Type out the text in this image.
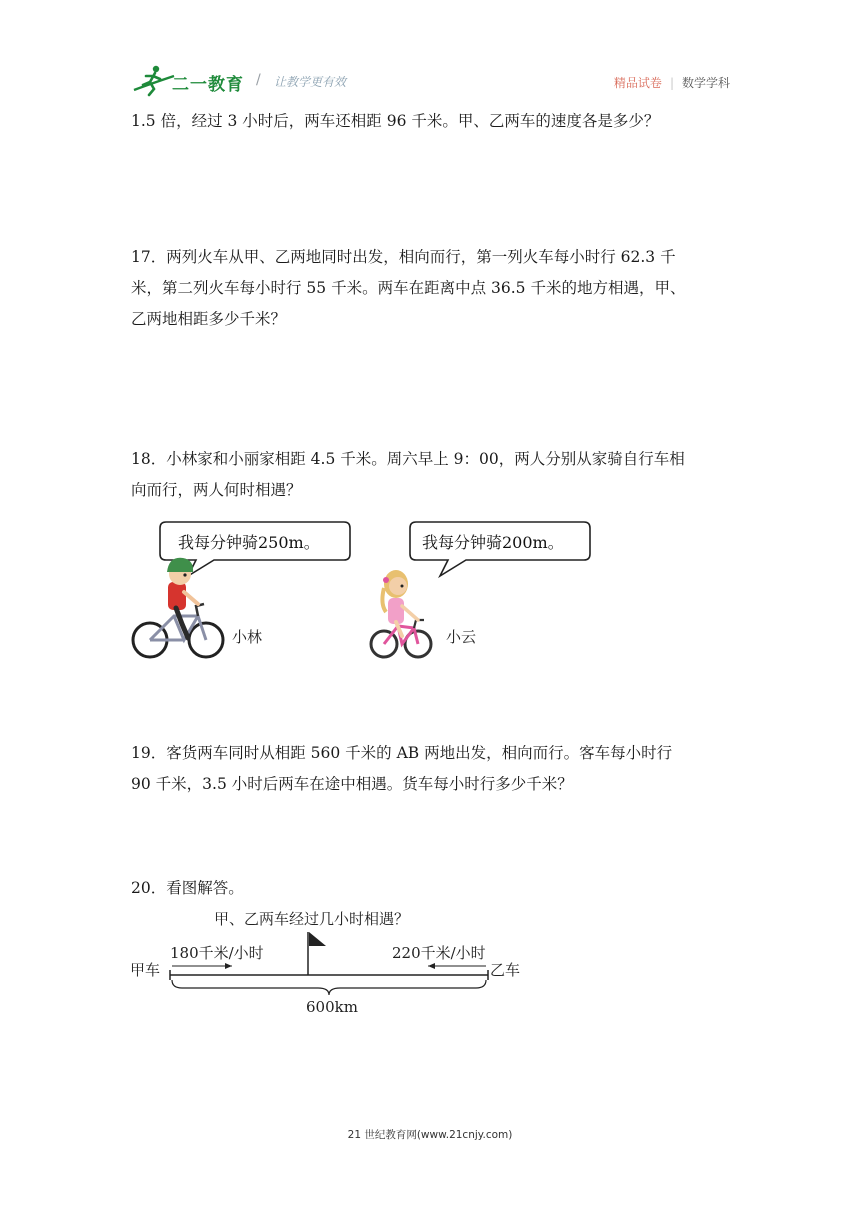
二一教育 / 让教学更有效	精品试卷 | 数学学科
1.5 倍，经过 3 小时后，两车还相距 96 千米。甲、乙两车的速度各是多少？
17．两列火车从甲、乙两地同时出发，相向而行，第一列火车每小时行 62.3 千
米，第二列火车每小时行 55 千米。两车在距离中点 36.5 千米的地方相遇，甲、
乙两地相距多少千米？
18．小林家和小丽家相距 4.5 千米。周六早上 9：00，两人分别从家骑自行车相
向而行，两人何时相遇？
我每分钟骑250m。	我每分钟骑200m。
小林	小云
19．客货两车同时从相距 560 千米的 AB 两地出发，相向而行。客车每小时行
90 千米，3.5 小时后两车在途中相遇。货车每小时行多少千米？
20．看图解答。
甲、乙两车经过几小时相遇？
180千米/小时	220千米/小时
甲车	乙车
600km
21 世纪教育网(www.21cnjy.com)
